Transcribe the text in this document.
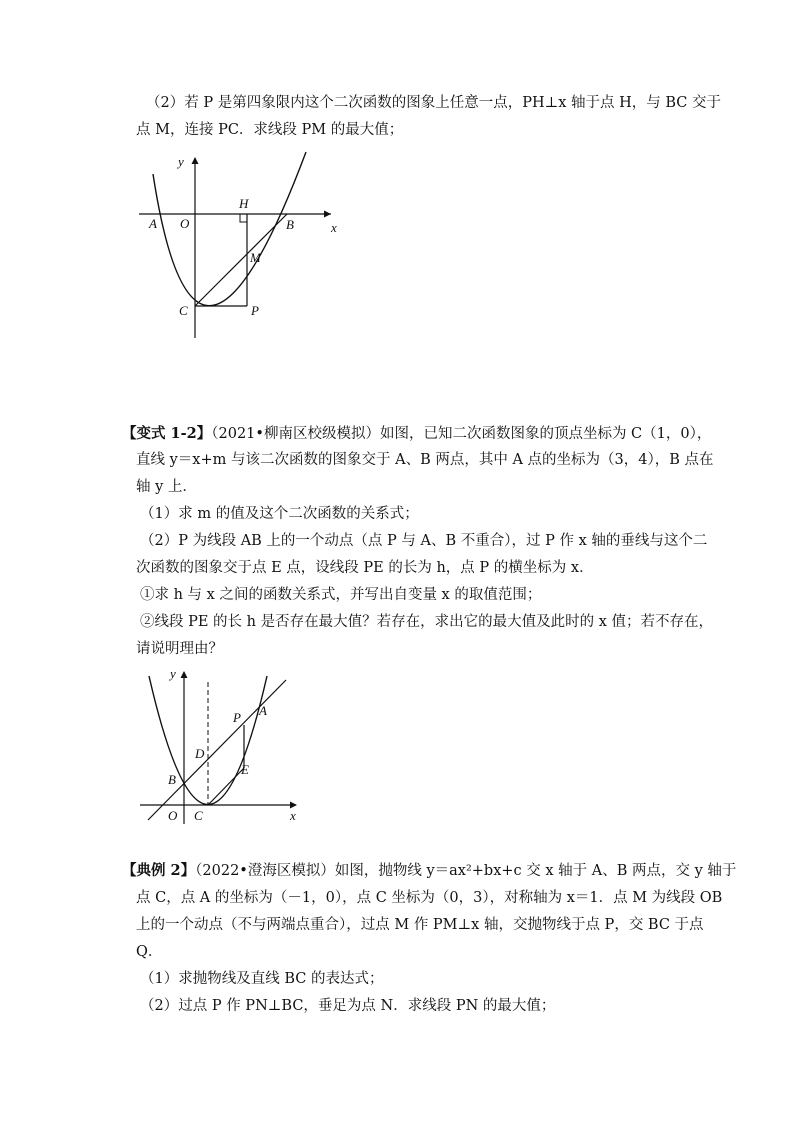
（2）若 P 是第四象限内这个二次函数的图象上任意一点，PH⊥x 轴于点 H，与 BC 交于
点 M，连接 PC．求线段 PM 的最大值；
y
x
A O
H
B
M
C	P
【变式 1-2】（2021•柳南区校级模拟）如图，已知二次函数图象的顶点坐标为 C（1，0），
直线 y＝x+m 与该二次函数的图象交于 A、B 两点，其中 A 点的坐标为（3，4），B 点在
轴 y 上．
（1）求 m 的值及这个二次函数的关系式；
（2）P 为线段 AB 上的一个动点（点 P 与 A、B 不重合），过 P 作 x 轴的垂线与这个二
次函数的图象交于点 E 点，设线段 PE 的长为 h，点 P 的横坐标为 x．
①求 h 与 x 之间的函数关系式，并写出自变量 x 的取值范围；
②线段 PE 的长 h 是否存在最大值？若存在，求出它的最大值及此时的 x 值；若不存在，
请说明理由？
y
A
P
D
E
B
O C	x
【典例 2】（2022•澄海区模拟）如图，抛物线 y＝ax²+bx+c 交 x 轴于 A、B 两点，交 y 轴于
点 C，点 A 的坐标为（－1，0），点 C 坐标为（0，3），对称轴为 x＝1．点 M 为线段 OB
上的一个动点（不与两端点重合），过点 M 作 PM⊥x 轴，交抛物线于点 P，交 BC 于点
Q．
（1）求抛物线及直线 BC 的表达式；
（2）过点 P 作 PN⊥BC，垂足为点 N．求线段 PN 的最大值；
